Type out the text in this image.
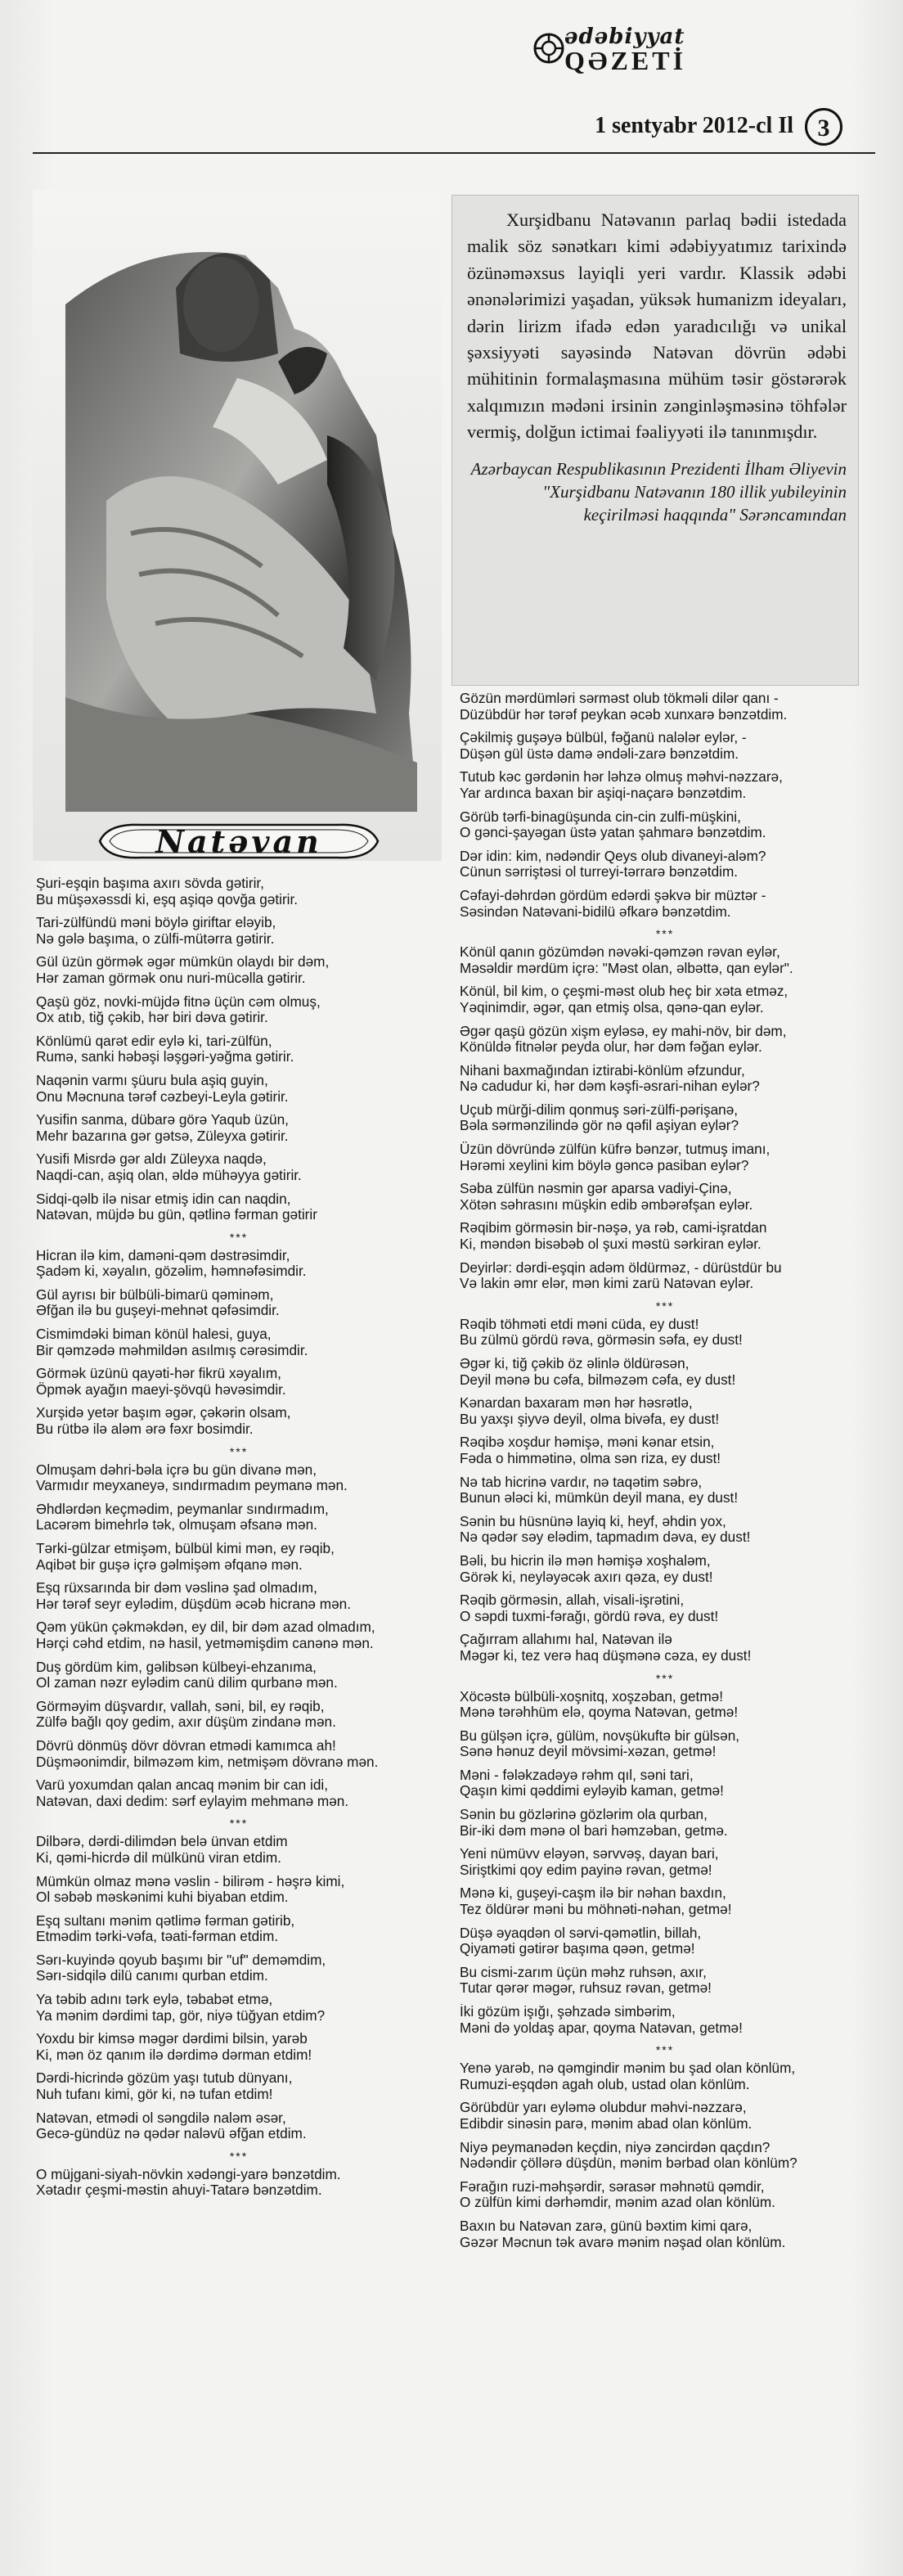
ədəbiyyat
QƏZETİ
1 sentyabr 2012-cl Il 3
Natəvan

Xurşidbanu Natəvanın parlaq bədii istedada malik söz sənətkarı kimi ədəbiyyatımız tarixində özünəməxsus layiqli yeri vardır. Klassik ədəbi ənənələrimizi yaşadan, yüksək humanizm ideyaları, dərin lirizm ifadə edən yaradıcılığı və unikal şəxsiyyəti sayəsində Natəvan dövrün ədəbi mühitinin formalaşmasına mühüm təsir göstərərək xalqımızın mədəni irsinin zənginləşməsinə töhfələr vermiş, dolğun ictimai fəaliyyəti ilə tanınmışdır.

Azərbaycan Respublikasının Prezidenti İlham Əliyevin "Xurşidbanu Natəvanın 180 illik yubileyinin keçirilməsi haqqında" Sərəncamından
Şuri-eşqin başıma axırı sövda gətirir,
Bu müşəxəssdi ki, eşq aşiqə qovğa gətirir.
Tari-zülfündü məni böylə giriftar eləyib,
Nə gələ başıma, o zülfi-mütərra gətirir.
Gül üzün görmək əgər mümkün olaydı bir dəm,
Hər zaman görmək onu nuri-mücəlla gətirir.
Qaşü göz, novki-müjdə fitnə üçün cəm olmuş,
Ox atıb, tiğ çəkib, hər biri dəva gətirir.
Könlümü qarət edir eylə ki, tari-zülfün,
Rumə, sanki həbəşi ləşgəri-yəğma gətirir.
Naqənin varmı şüuru bula aşiq guyin,
Onu Məcnuna tərəf cəzbeyi-Leyla gətirir.
Yusifin sanma, dübarə görə Yaqub üzün,
Mehr bazarına gər gətsə, Züleyxa gətirir.
Yusifi Misrdə gər aldı Züleyxa naqdə,
Naqdi-can, aşiq olan, əldə mühəyya gətirir.
Sidqi-qəlb ilə nisar etmiş idin can naqdin,
Natəvan, müjdə bu gün, qətlinə fərman gətirir
***
Hicran ilə kim, daməni-qəm dəstrəsimdir,
Şadəm ki, xəyalın, gözəlim, həmnəfəsimdir.
Gül ayrısı bir bülbüli-bimarü qəminəm,
Əfğan ilə bu guşeyi-mehnət qəfəsimdir.
Cismimdəki biman könül halesi, guya,
Bir qəmzədə məhmildən asılmış cərəsimdir.
Görmək üzünü qayəti-hər fikrü xəyalım,
Öpmək ayağın maeyi-şövqü həvəsimdir.
Xurşidə yetər başım əgər, çəkərin olsam,
Bu rütbə ilə aləm ərə fəxr bosimdir.
***
Olmuşam dəhri-bəla içrə bu gün divanə mən,
Varmıdır meyxaneyə, sındırmadım peymanə mən.
Əhdlərdən keçmədim, peymanlar sındırmadım,
Lacərəm bimehrlə tək, olmuşam əfsanə mən.
Tərki-gülzar etmişəm, bülbül kimi mən, ey rəqib,
Aqibət bir guşə içrə gəlmişəm əfqanə mən.
Eşq rüxsarında bir dəm vəslinə şad olmadım,
Hər tərəf seyr eylədim, düşdüm əcəb hicranə mən.
Qəm yükün çəkməkdən, ey dil, bir dəm azad olmadım,
Hərçi cəhd etdim, nə hasil, yetməmişdim canənə mən.
Duş gördüm kim, gəlibsən külbeyi-ehzanıma,
Ol zaman nəzr eylədim canü dilim qurbanə mən.
Görməyim düşvardır, vallah, səni, bil, ey rəqib,
Zülfə bağlı qoy gedim, axır düşüm zindanə mən.
Dövrü dönmüş dövr dövran etmədi kamımca ah!
Düşməonimdir, bilməzəm kim, netmişəm dövranə mən.
Varü yoxumdan qalan ancaq mənim bir can idi,
Natəvan, daxi dedim: sərf eylayim mehmanə mən.
***
Dilbərə, dərdi-dilimdən belə ünvan etdim
Ki, qəmi-hicrdə dil mülkünü viran etdim.
Mümkün olmaz mənə vəslin - bilirəm - həşrə kimi,
Ol səbəb məskənimi kuhi biyaban etdim.
Eşq sultanı mənim qətlimə fərman gətirib,
Etmədim tərki-vəfa, təati-fərman etdim.
Sərı-kuyində qoyub başımı bir "uf" deməmdim,
Sərı-sidqilə dilü canımı qurban etdim.
Ya təbib adını tərk eylə, təbabət etmə,
Ya mənim dərdimi tap, gör, niyə tüğyan etdim?
Yoxdu bir kimsə məgər dərdimi bilsin, yarəb
Ki, mən öz qanım ilə dərdimə dərman etdim!
Dərdi-hicrində gözüm yaşı tutub dünyanı,
Nuh tufanı kimi, gör ki, nə tufan etdim!
Natəvan, etmədi ol səngdilə naləm əsər,
Gecə-gündüz nə qədər naləvü əfğan etdim.
***
O müjgani-siyah-növkin xədəngi-yarə bənzətdim.
Xətadır çeşmi-məstin ahuyi-Tatarə bənzətdim.
Gözün mərdümləri sərməst olub tökməli dilər qanı -
Düzübdür hər tərəf peykan əcəb xunxarə bənzətdim.
Çəkilmiş guşəyə bülbül, fəğanü nalələr eylər, -
Düşən gül üstə damə əndəli-zarə bənzətdim.
Tutub kəc gərdənin hər ləhzə olmuş məhvi-nəzzarə,
Yar ardınca baxan bir aşiqi-naçarə bənzətdim.
Görüb tərfi-binagüşunda cin-cin zulfi-müşkini,
O gənci-şayəgan üstə yatan şahmarə bənzətdim.
Dər idin: kim, nədəndir Qeys olub divaneyi-aləm?
Cünun sərriştəsi ol turreyi-tərrarə bənzətdim.
Cəfayi-dəhrdən gördüm edərdi şəkvə bir müztər -
Səsindən Natəvani-bidilü əfkarə bənzətdim.
***
Könül qanın gözümdən nəvəki-qəmzən rəvan eylər,
Məsəldir mərdüm içrə: "Məst olan, əlbəttə, qan eylər".
Könül, bil kim, o çeşmi-məst olub heç bir xəta etməz,
Yəqinimdir, əgər, qan etmiş olsa, qənə-qan eylər.
Əgər qaşü gözün xişm eyləsə, ey mahi-növ, bir dəm,
Könüldə fitnələr peyda olur, hər dəm fəğan eylər.
Nihani baxmağından iztirabi-könlüm əfzundur,
Nə cadudur ki, hər dəm kəşfi-əsrari-nihan eylər?
Uçub mürği-dilim qonmuş səri-zülfi-pərişanə,
Bəla sərmənzilində gör nə qəfil aşiyan eylər?
Üzün dövründə zülfün küfrə bənzər, tutmuş imanı,
Hərəmi xeylini kim böylə gəncə pasiban eylər?
Səba zülfün nəsmin gər aparsa vadiyi-Çinə,
Xötən səhrasını müşkin edib əmbərəfşan eylər.
Rəqibim görməsin bir-nəşə, ya rəb, cami-işratdan
Ki, məndən bisəbəb ol şuxi məstü sərkiran eylər.
Deyirlər: dərdi-eşqin adəm öldürməz, - dürüstdür bu
Və lakin əmr elər, mən kimi zarü Natəvan eylər.
***
Rəqib töhməti etdi məni cüda, ey dust!
Bu zülmü gördü rəva, görməsin səfa, ey dust!
Əgər ki, tiğ çəkib öz əlinlə öldürəsən,
Deyil mənə bu cəfa, bilməzəm cəfa, ey dust!
Kənardan baxaram mən hər həsrətlə,
Bu yaxşı şiyvə deyil, olma bivəfa, ey dust!
Rəqibə xoşdur həmişə, məni kənar etsin,
Fəda o himmətinə, olma sən riza, ey dust!
Nə tab hicrinə vardır, nə taqətim səbrə,
Bunun ələci ki, mümkün deyil mana, ey dust!
Sənin bu hüsnünə layiq ki, heyf, əhdin yox,
Nə qədər səy elədim, tapmadım dəva, ey dust!
Bəli, bu hicrin ilə mən həmişə xoşhaləm,
Görək ki, neyləyəcək axırı qəza, ey dust!
Rəqib görməsin, allah, visali-işrətini,
O səpdi tuxmi-fərağı, gördü rəva, ey dust!
Çağırram allahımı hal, Natəvan ilə
Məgər ki, tez verə haq düşmənə cəza, ey dust!
***
Xöcəstə bülbüli-xoşnitq, xoşzəban, getmə!
Mənə tərəhhüm elə, qoyma Natəvan, getmə!
Bu gülşən içrə, gülüm, novşükuftə bir gülsən,
Sənə hənuz deyil mövsimi-xəzan, getmə!
Məni - fələkzadəyə rəhm qıl, səni tari,
Qaşın kimi qəddimi eyləyib kaman, getmə!
Sənin bu gözlərinə gözlərim ola qurban,
Bir-iki dəm mənə ol bari həmzəban, getmə.
Yeni nümüvv eləyən, sərvvəş, dayan bari,
Siriştkimi qoy edim payinə rəvan, getmə!
Mənə ki, guşeyi-caşm ilə bir nəhan baxdın,
Tez öldürər məni bu möhnəti-nəhan, getmə!
Düşə əyaqdən ol sərvi-qəmətlin, billah,
Qiyaməti gətirər başıma qəən, getmə!
Bu cismi-zarım üçün məhz ruhsən, axır,
Tutar qərər məgər, ruhsuz rəvan, getmə!
İki gözüm işığı, şəhzadə simbərim,
Məni də yoldaş apar, qoyma Natəvan, getmə!
***
Yenə yarəb, nə qəmgindir mənim bu şad olan könlüm,
Rumuzi-eşqdən agah olub, ustad olan könlüm.
Görübdür yarı eyləmə olubdur məhvi-nəzzarə,
Edibdir sinəsin parə, mənim abad olan könlüm.
Niyə peymanədən keçdin, niyə zəncirdən qaçdın?
Nədəndir çöllərə düşdün, mənim bərbad olan könlüm?
Fərağın ruzi-məhşərdir, sərasər məhnətü qəmdir,
O zülfün kimi dərhəmdir, mənim azad olan könlüm.
Baxın bu Natəvan zarə, günü bəxtim kimi qarə,
Gəzər Məcnun tək avarə mənim nəşad olan könlüm.
